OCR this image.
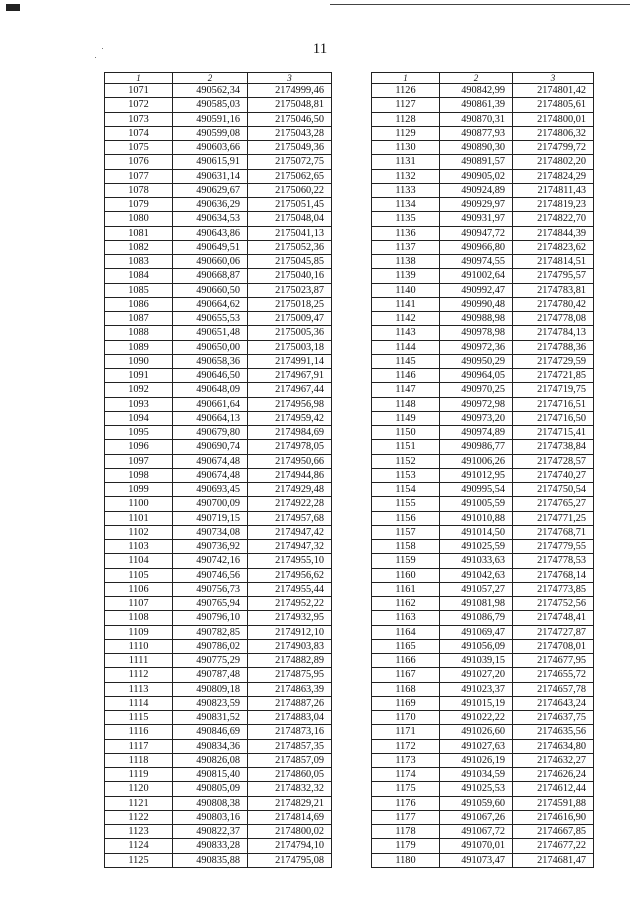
11
1	2	3
1071	490562,34	2174999,46
1072	490585,03	2175048,81
1073	490591,16	2175046,50
1074	490599,08	2175043,28
1075	490603,66	2175049,36
1076	490615,91	2175072,75
1077	490631,14	2175062,65
1078	490629,67	2175060,22
1079	490636,29	2175051,45
1080	490634,53	2175048,04
1081	490643,86	2175041,13
1082	490649,51	2175052,36
1083	490660,06	2175045,85
1084	490668,87	2175040,16
1085	490660,50	2175023,87
1086	490664,62	2175018,25
1087	490655,53	2175009,47
1088	490651,48	2175005,36
1089	490650,00	2175003,18
1090	490658,36	2174991,14
1091	490646,50	2174967,91
1092	490648,09	2174967,44
1093	490661,64	2174956,98
1094	490664,13	2174959,42
1095	490679,80	2174984,69
1096	490690,74	2174978,05
1097	490674,48	2174950,66
1098	490674,48	2174944,86
1099	490693,45	2174929,48
1100	490700,09	2174922,28
1101	490719,15	2174957,68
1102	490734,08	2174947,42
1103	490736,92	2174947,32
1104	490742,16	2174955,10
1105	490746,56	2174956,62
1106	490756,73	2174955,44
1107	490765,94	2174952,22
1108	490796,10	2174932,95
1109	490782,85	2174912,10
1110	490786,02	2174903,83
1111	490775,29	2174882,89
1112	490787,48	2174875,95
1113	490809,18	2174863,39
1114	490823,59	2174887,26
1115	490831,52	2174883,04
1116	490846,69	2174873,16
1117	490834,36	2174857,35
1118	490826,08	2174857,09
1119	490815,40	2174860,05
1120	490805,09	2174832,32
1121	490808,38	2174829,21
1122	490803,16	2174814,69
1123	490822,37	2174800,02
1124	490833,28	2174794,10
1125	490835,88	2174795,08
1	2	3
1126	490842,99	2174801,42
1127	490861,39	2174805,61
1128	490870,31	2174800,01
1129	490877,93	2174806,32
1130	490890,30	2174799,72
1131	490891,57	2174802,20
1132	490905,02	2174824,29
1133	490924,89	2174811,43
1134	490929,97	2174819,23
1135	490931,97	2174822,70
1136	490947,72	2174844,39
1137	490966,80	2174823,62
1138	490974,55	2174814,51
1139	491002,64	2174795,57
1140	490992,47	2174783,81
1141	490990,48	2174780,42
1142	490988,98	2174778,08
1143	490978,98	2174784,13
1144	490972,36	2174788,36
1145	490950,29	2174729,59
1146	490964,05	2174721,85
1147	490970,25	2174719,75
1148	490972,98	2174716,51
1149	490973,20	2174716,50
1150	490974,89	2174715,41
1151	490986,77	2174738,84
1152	491006,26	2174728,57
1153	491012,95	2174740,27
1154	490995,54	2174750,54
1155	491005,59	2174765,27
1156	491010,88	2174771,25
1157	491014,50	2174768,71
1158	491025,59	2174779,55
1159	491033,63	2174778,53
1160	491042,63	2174768,14
1161	491057,27	2174773,85
1162	491081,98	2174752,56
1163	491086,79	2174748,41
1164	491069,47	2174727,87
1165	491056,09	2174708,01
1166	491039,15	2174677,95
1167	491027,20	2174655,72
1168	491023,37	2174657,78
1169	491015,19	2174643,24
1170	491022,22	2174637,75
1171	491026,60	2174635,56
1172	491027,63	2174634,80
1173	491026,19	2174632,27
1174	491034,59	2174626,24
1175	491025,53	2174612,44
1176	491059,60	2174591,88
1177	491067,26	2174616,90
1178	491067,72	2174667,85
1179	491070,01	2174677,22
1180	491073,47	2174681,47
